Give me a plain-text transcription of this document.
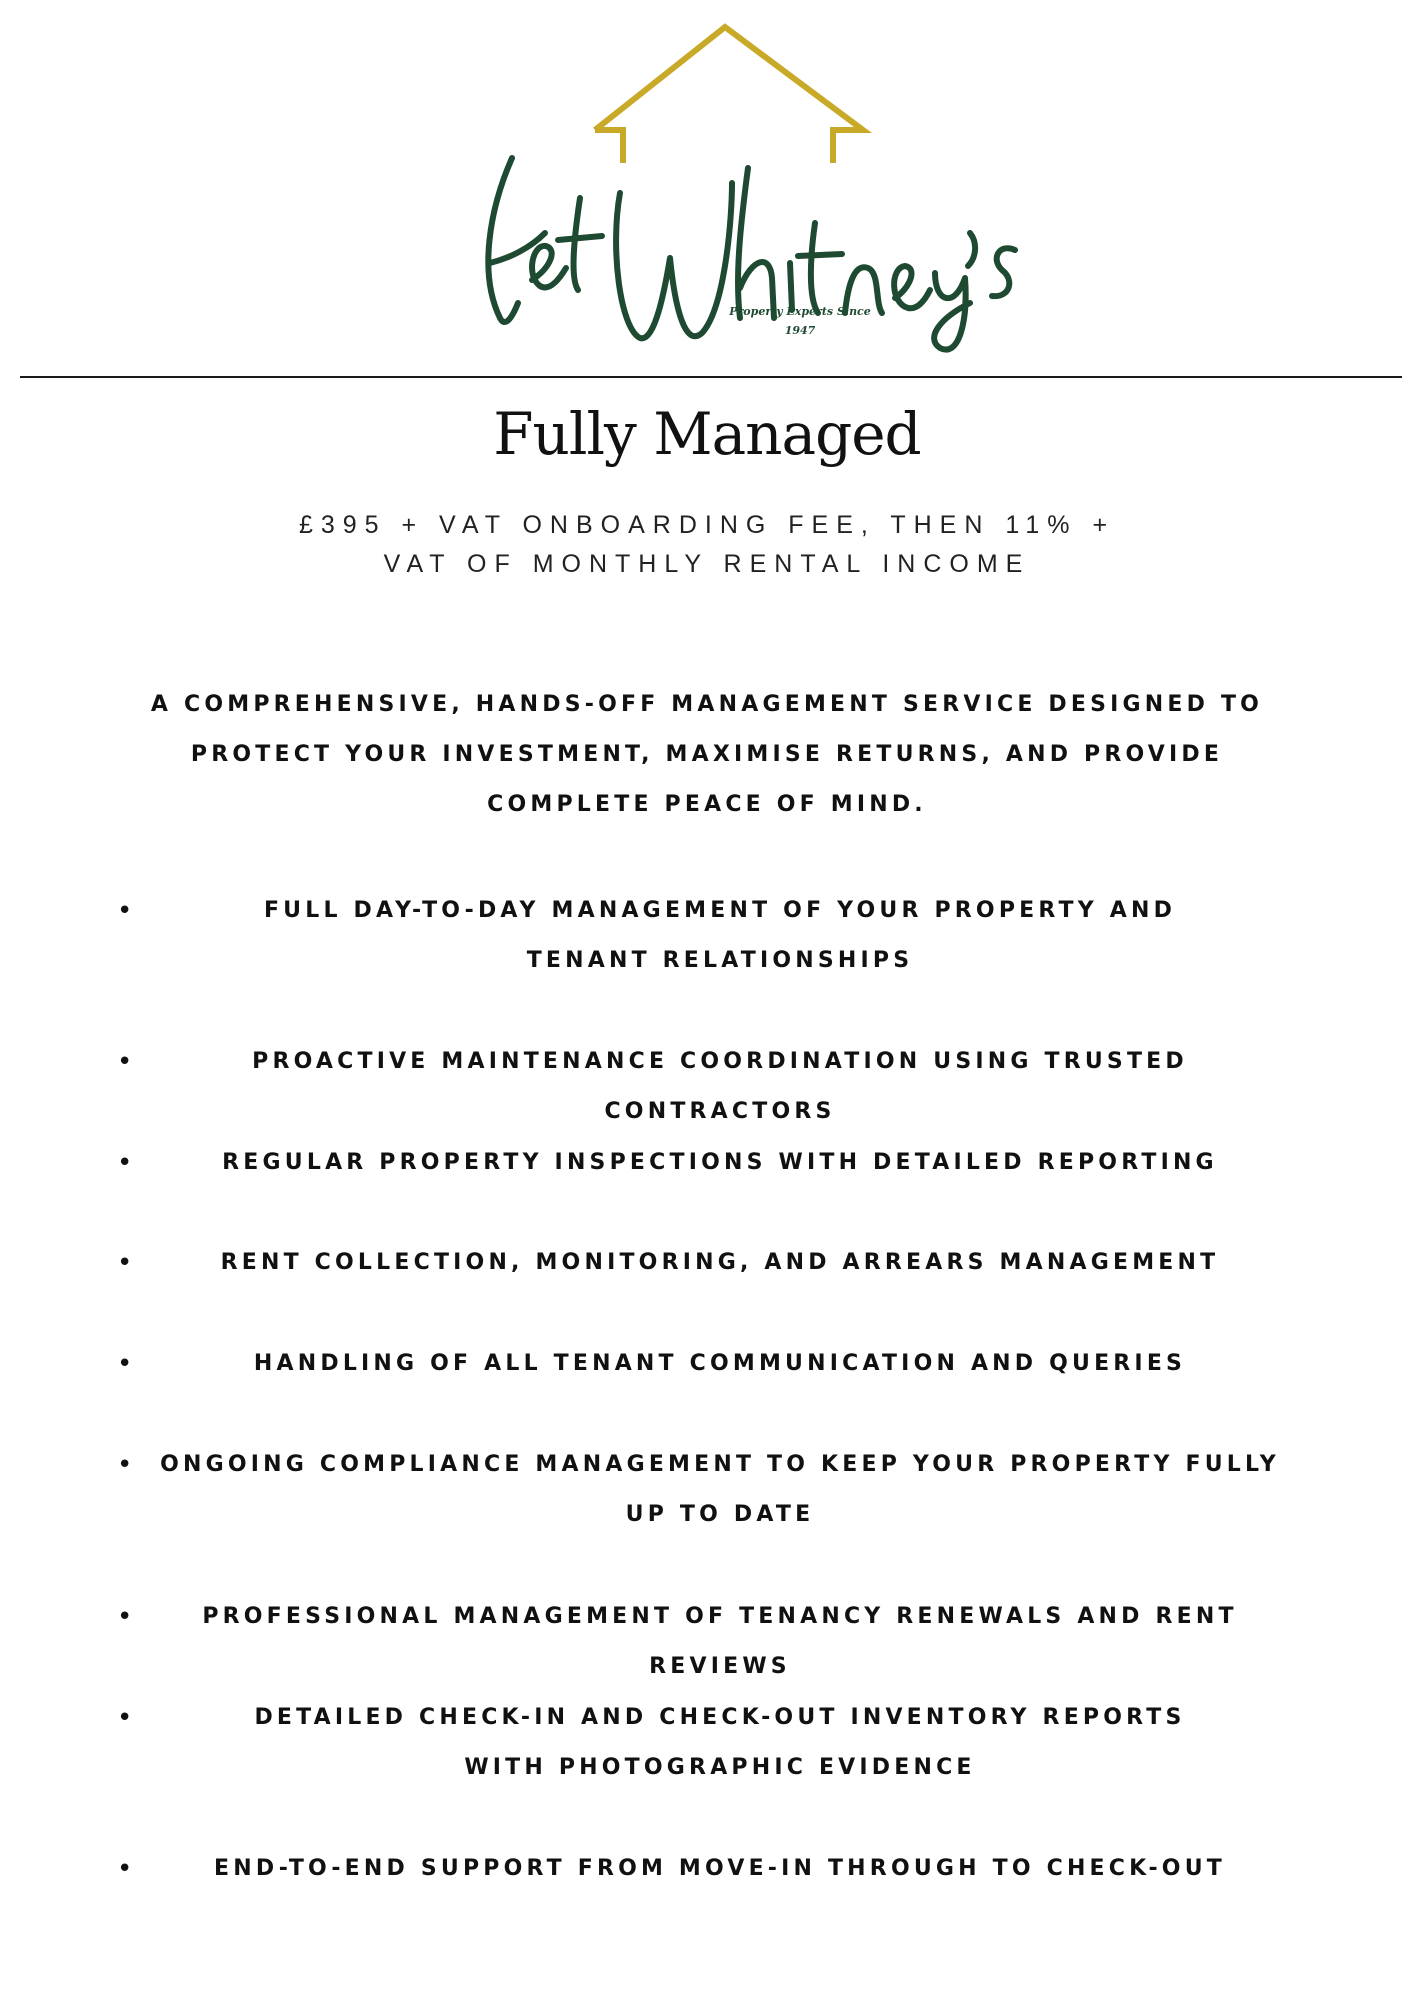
Property Experts Since
1947
Fully Managed
£395 + VAT ONBOARDING FEE, THEN 11% +
VAT OF MONTHLY RENTAL INCOME
A COMPREHENSIVE, HANDS-OFF MANAGEMENT SERVICE DESIGNED TO PROTECT YOUR INVESTMENT, MAXIMISE RETURNS, AND PROVIDE COMPLETE PEACE OF MIND.
•	FULL DAY-TO-DAY MANAGEMENT OF YOUR PROPERTY AND TENANT RELATIONSHIPS
•	PROACTIVE MAINTENANCE COORDINATION USING TRUSTED CONTRACTORS
•	REGULAR PROPERTY INSPECTIONS WITH DETAILED REPORTING
•	RENT COLLECTION, MONITORING, AND ARREARS MANAGEMENT
•	HANDLING OF ALL TENANT COMMUNICATION AND QUERIES
•	ONGOING COMPLIANCE MANAGEMENT TO KEEP YOUR PROPERTY FULLY UP TO DATE
•	PROFESSIONAL MANAGEMENT OF TENANCY RENEWALS AND RENT REVIEWS
•	DETAILED CHECK-IN AND CHECK-OUT INVENTORY REPORTS WITH PHOTOGRAPHIC EVIDENCE
•	END-TO-END SUPPORT FROM MOVE-IN THROUGH TO CHECK-OUT
